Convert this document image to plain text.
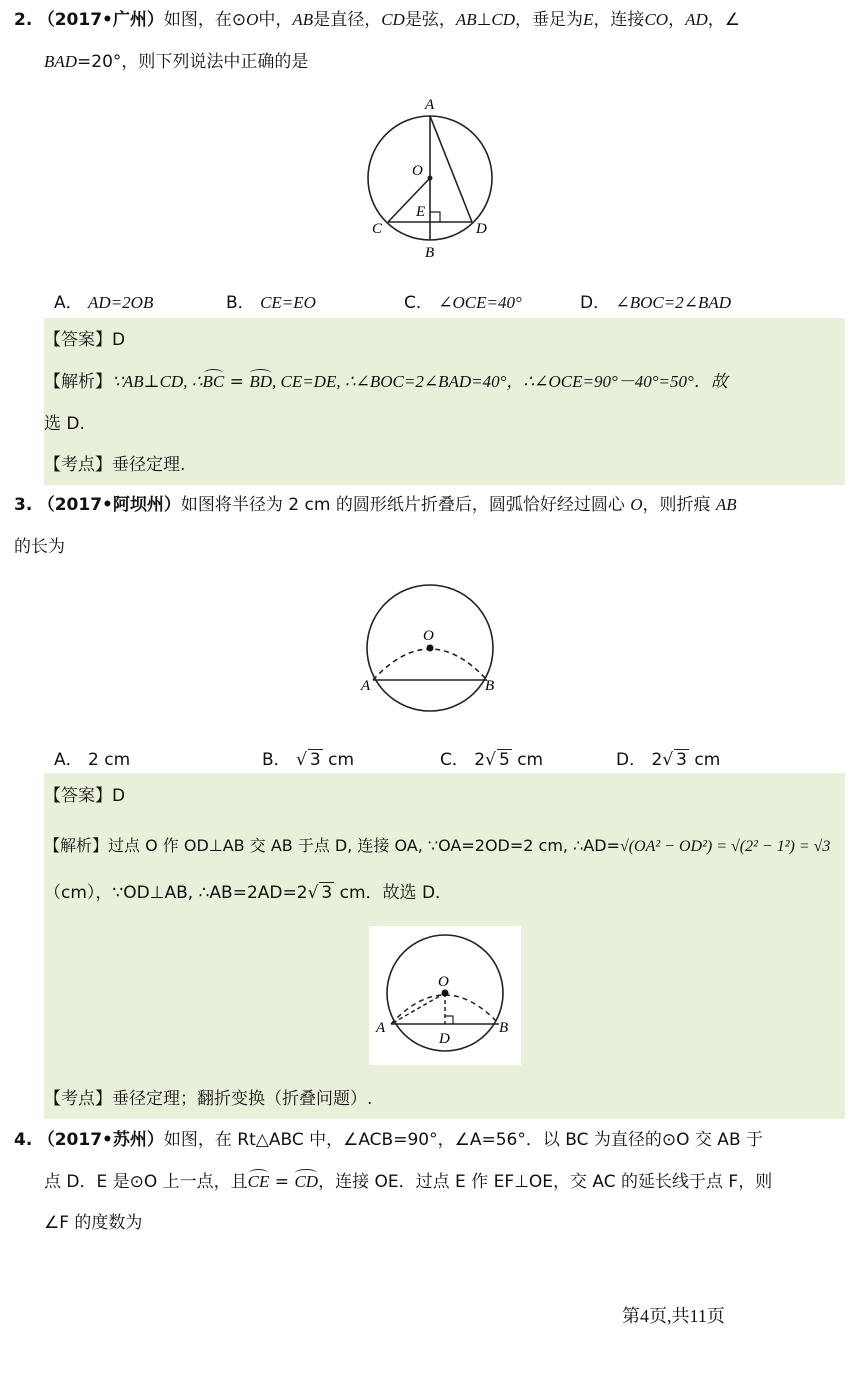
2. （2017•广州）如图，在⊙O中，AB是直径，CD是弦，AB⊥CD，垂足为E，连接CO，AD，∠
BAD=20°，则下列说法中正确的是
A
O
E
C	D
B
A． AD=2OB	B． CE=EO	C． ∠OCE=40°	D． ∠BOC=2∠BAD
【答案】D
【解析】∵AB⊥CD, ∴BC = BD, CE=DE, ∴∠BOC=2∠BAD=40°，∴∠OCE=90°－40°=50°．故
选 D.
【考点】垂径定理.
3. （2017•阿坝州）如图将半径为 2 cm 的圆形纸片折叠后，圆弧恰好经过圆心 O，则折痕 AB
的长为
O
A	B
A． 2 cm	B． √ 3 cm	C． 2√ 5 cm	D． 2√ 3 cm
【答案】D
【解析】过点 O 作 OD⊥AB 交 AB 于点 D, 连接 OA, ∵OA=2OD=2 cm, ∴AD=√(OA² − OD²) = √(2² − 1²) = √3
（cm），∵OD⊥AB, ∴AB=2AD=2√ 3 cm．故选 D．
O
A	B
D
【考点】垂径定理；翻折变换（折叠问题）.
4. （2017•苏州）如图，在 Rt△ABC 中，∠ACB=90°，∠A=56°．以 BC 为直径的⊙O 交 AB 于
点 D．E 是⊙O 上一点，且CE = CD，连接 OE．过点 E 作 EF⊥OE，交 AC 的延长线于点 F，则
∠F 的度数为
第4页,共11页
